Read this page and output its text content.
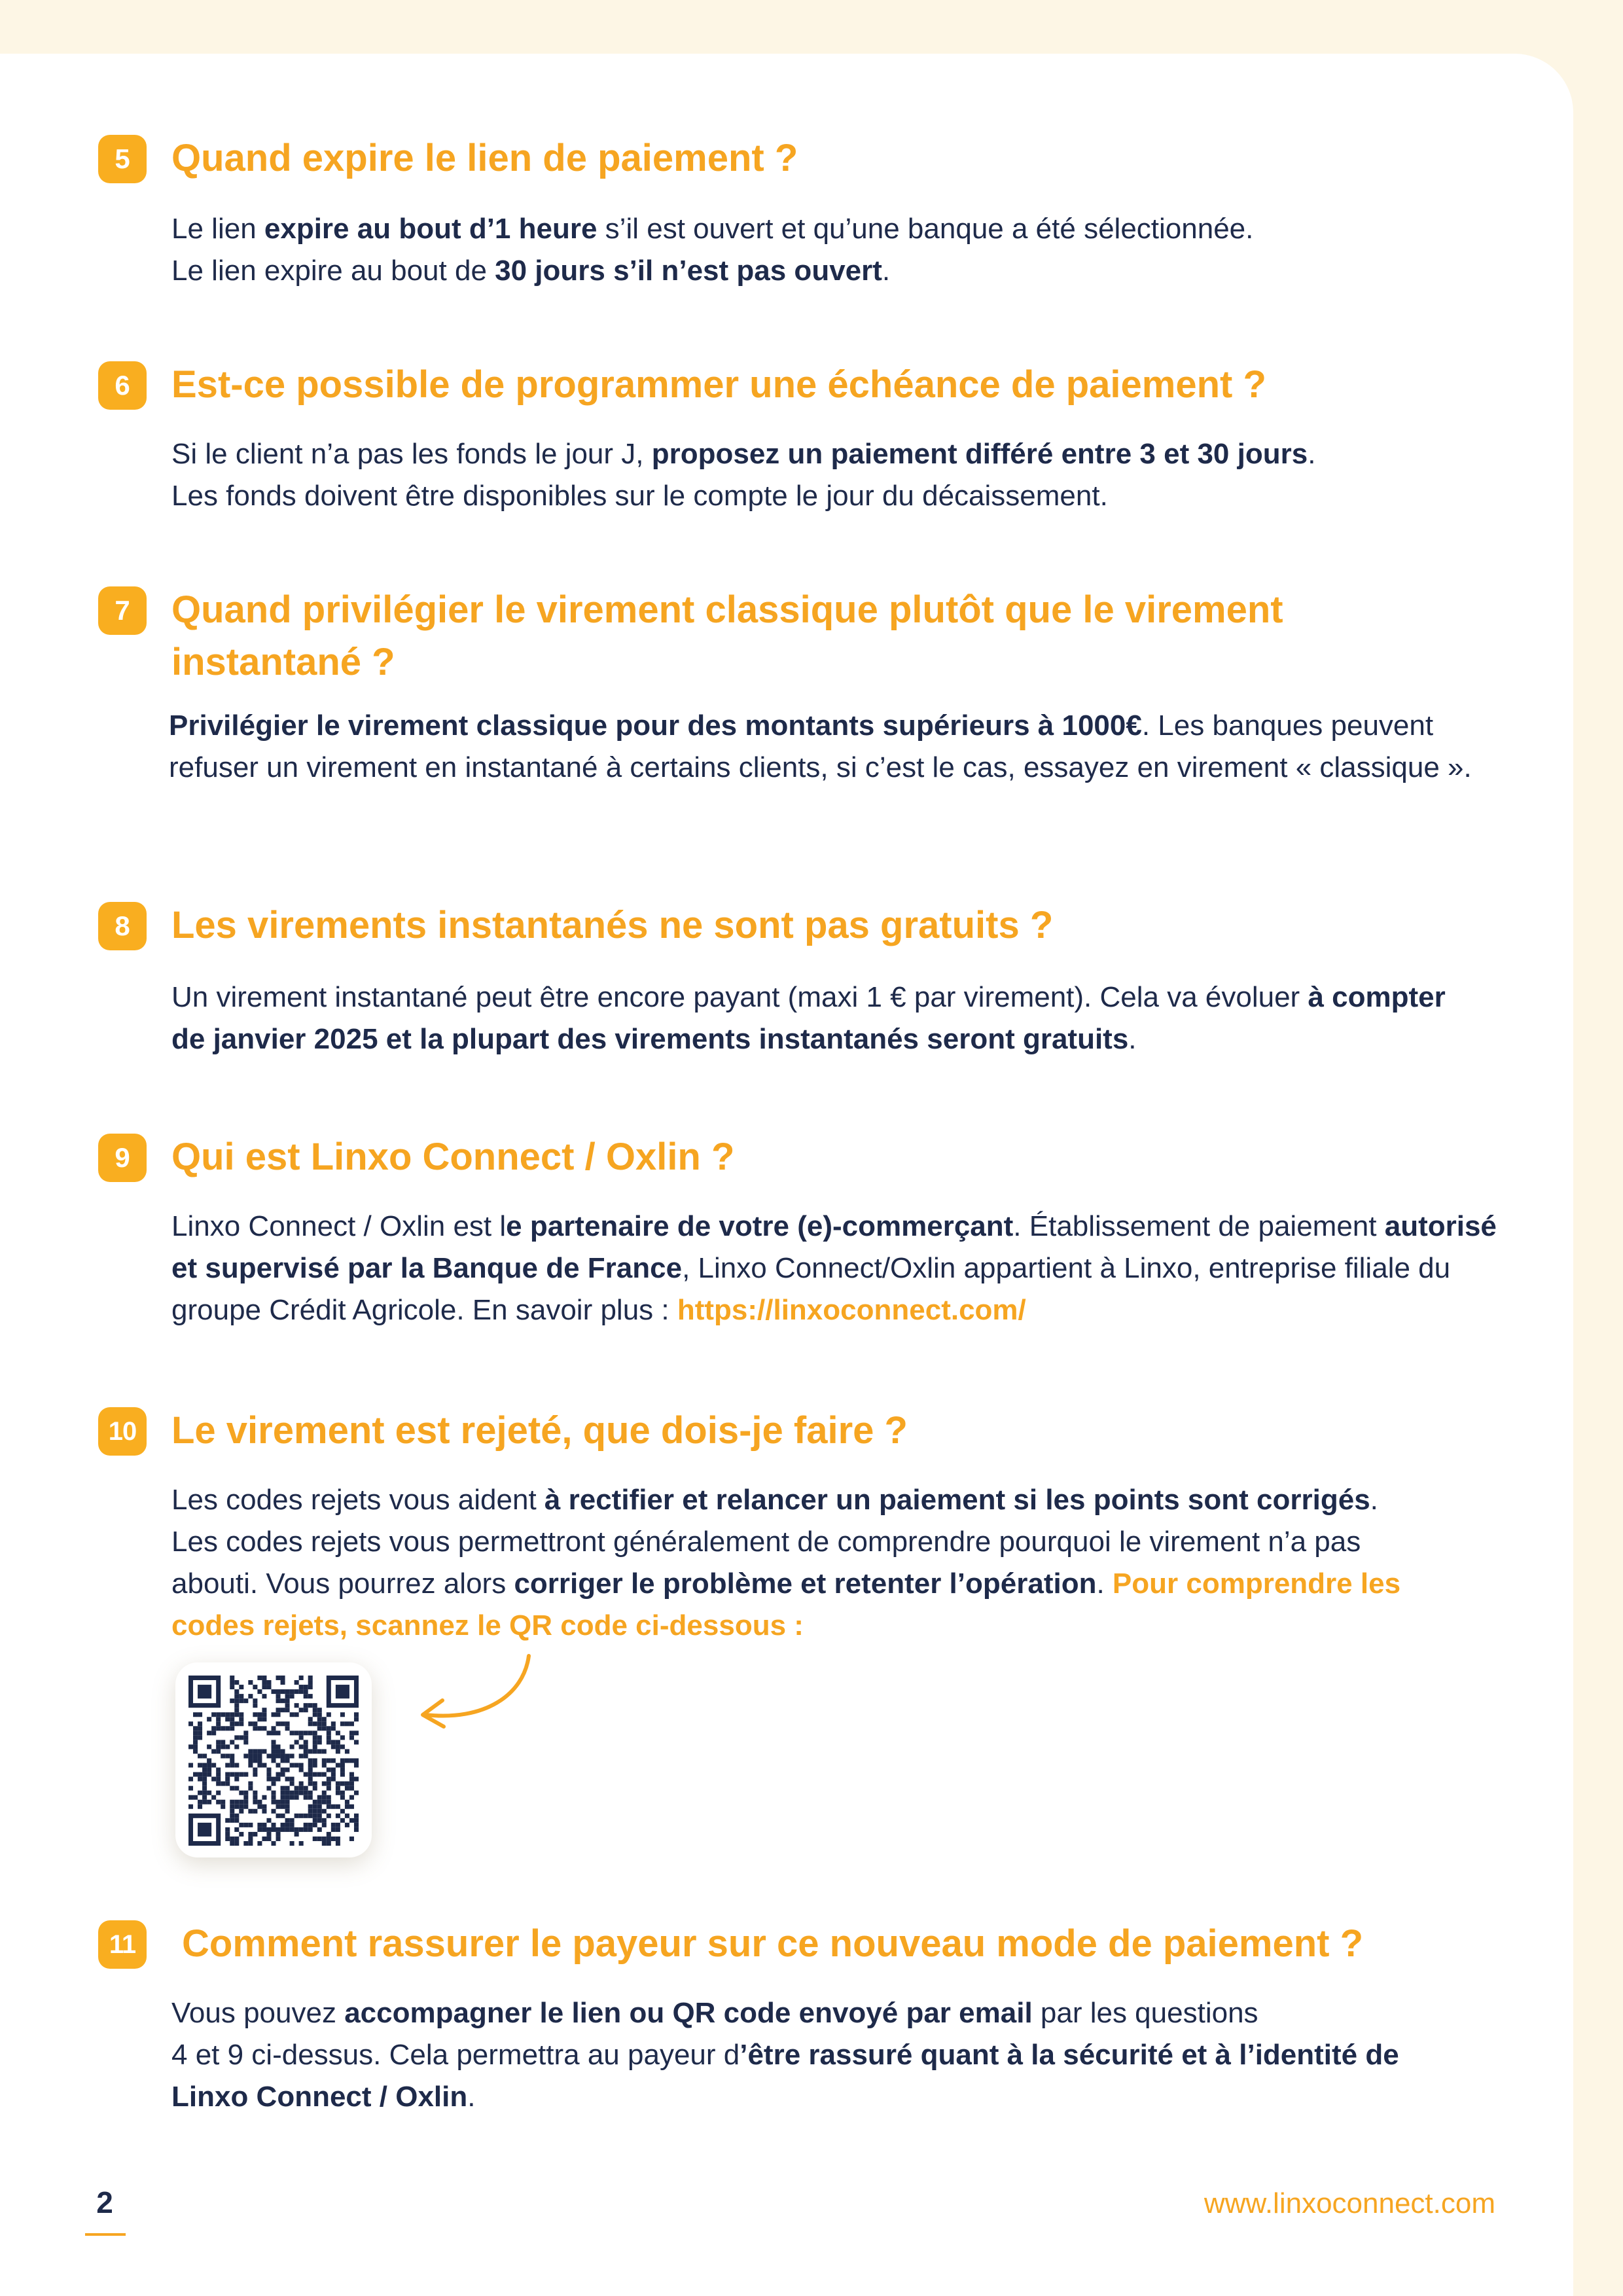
5	Quand expire le lien de paiement ?

Le lien expire au bout d’1 heure s’il est ouvert et qu’une banque a été sélectionnée.
Le lien expire au bout de 30 jours s’il n’est pas ouvert.

6	Est-ce possible de programmer une échéance de paiement ?

Si le client n’a pas les fonds le jour J, proposez un paiement différé entre 3 et 30 jours.
Les fonds doivent être disponibles sur le compte le jour du décaissement.

7	Quand privilégier le virement classique plutôt que le virement instantané ?

Privilégier le virement classique pour des montants supérieurs à 1000€. Les banques peuvent refuser un virement en instantané à certains clients, si c’est le cas, essayez en virement « classique ».

8	Les virements instantanés ne sont pas gratuits ?

Un virement instantané peut être encore payant (maxi 1 € par virement). Cela va évoluer à compter de janvier 2025 et la plupart des virements instantanés seront gratuits.

9	Qui est Linxo Connect / Oxlin ?

Linxo Connect / Oxlin est le partenaire de votre (e)-commerçant. Établissement de paiement autorisé et supervisé par la Banque de France, Linxo Connect/Oxlin appartient à Linxo, entreprise filiale du groupe Crédit Agricole. En savoir plus : https://linxoconnect.com/

10 Le virement est rejeté, que dois-je faire ?

Les codes rejets vous aident à rectifier et relancer un paiement si les points sont corrigés. Les codes rejets vous permettront généralement de comprendre pourquoi le virement n’a pas abouti. Vous pourrez alors corriger le problème et retenter l’opération. Pour comprendre les codes rejets, scannez le QR code ci-dessous :

11 Comment rassurer le payeur sur ce nouveau mode de paiement ?

Vous pouvez accompagner le lien ou QR code envoyé par email par les questions
4 et 9 ci-dessus. Cela permettra au payeur d’être rassuré quant à la sécurité et à l’identité de Linxo Connect / Oxlin.

2	www.linxoconnect.com
